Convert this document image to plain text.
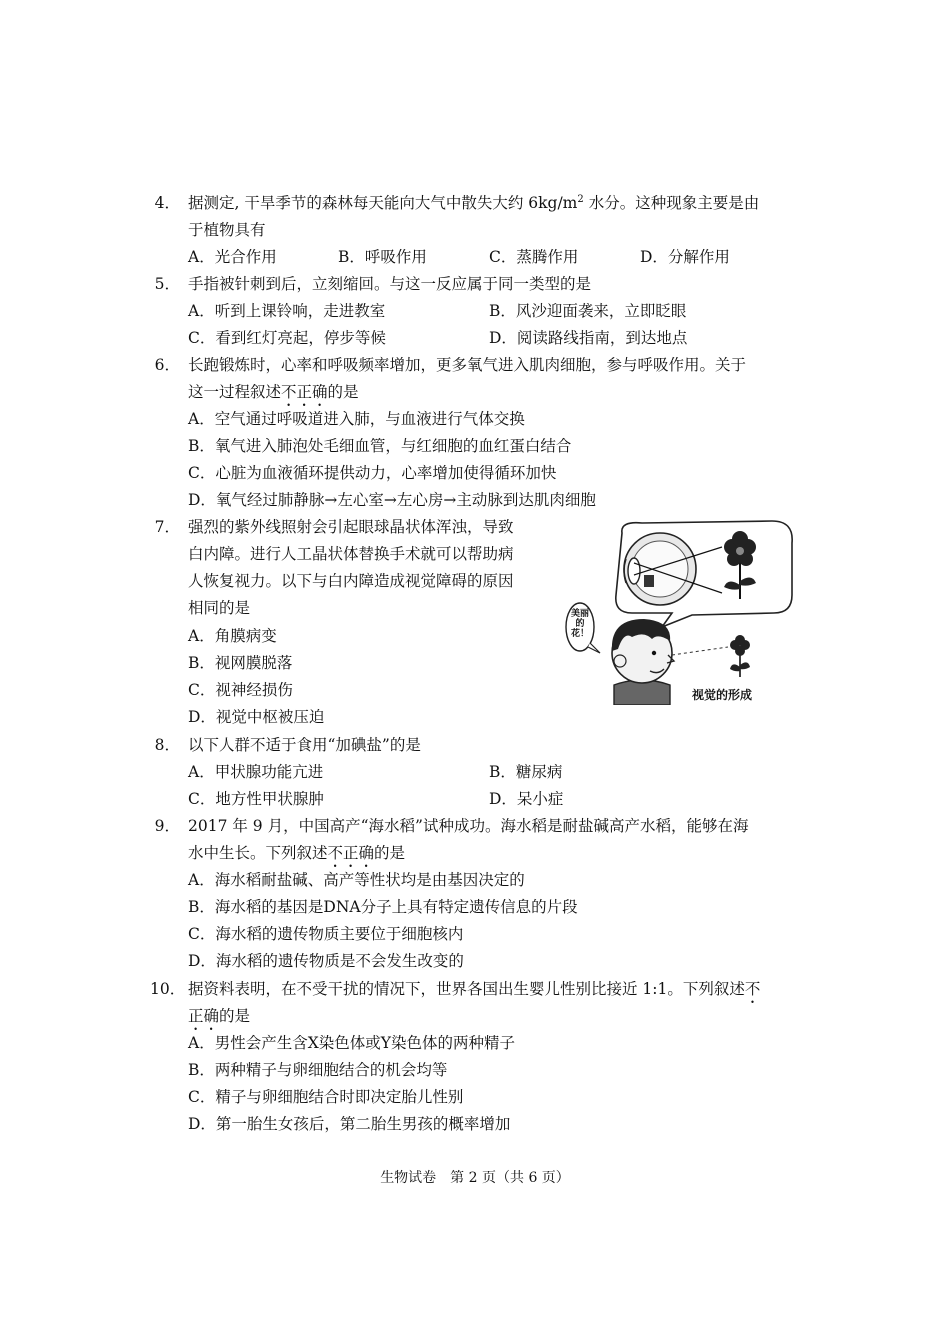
4． 据测定, 干旱季节的森林每天能向大气中散失大约 $6kg/m^2$ 水分。这种现象主要是由
于植物具有
A．光合作用	B．呼吸作用	C．蒸腾作用	D．分解作用
5． 手指被针刺到后，立刻缩回。与这一反应属于同一类型的是
A．听到上课铃响，走进教室	B．风沙迎面袭来，立即眨眼
C．看到红灯亮起，停步等候	D．阅读路线指南，到达地点
6． 长跑锻炼时，心率和呼吸频率增加，更多氧气进入肌肉细胞，参与呼吸作用。关于
这一过程叙述不正确的是
A．空气通过呼吸道进入肺，与血液进行气体交换
B．氧气进入肺泡处毛细血管，与红细胞的血红蛋白结合
C．心脏为血液循环提供动力，心率增加使得循环加快
D．氧气经过肺静脉→左心室→左心房→主动脉到达肌肉细胞
7． 强烈的紫外线照射会引起眼球晶状体浑浊，导致
白内障。进行人工晶状体替换手术就可以帮助病
人恢复视力。以下与白内障造成视觉障碍的原因
相同的是
A．角膜病变
B．视网膜脱落
C．视神经损伤
D．视觉中枢被压迫
美丽的花！
视觉的形成
8． 以下人群不适于食用“加碘盐”的是
A．甲状腺功能亢进	B．糖尿病
C．地方性甲状腺肿	D．呆小症
9． 2017 年 9 月，中国高产“海水稻”试种成功。海水稻是耐盐碱高产水稻，能够在海
水中生长。下列叙述不正确的是
A．海水稻耐盐碱、高产等性状均是由基因决定的
B．海水稻的基因是DNA分子上具有特定遗传信息的片段
C．海水稻的遗传物质主要位于细胞核内
D．海水稻的遗传物质是不会发生改变的
10． 据资料表明，在不受干扰的情况下，世界各国出生婴儿性别比接近 1:1。下列叙述不
正确的是
A．男性会产生含X染色体或Y染色体的两种精子
B．两种精子与卵细胞结合的机会均等
C．精子与卵细胞结合时即决定胎儿性别
D．第一胎生女孩后，第二胎生男孩的概率增加
生物试卷　第 2 页（共 6 页）
